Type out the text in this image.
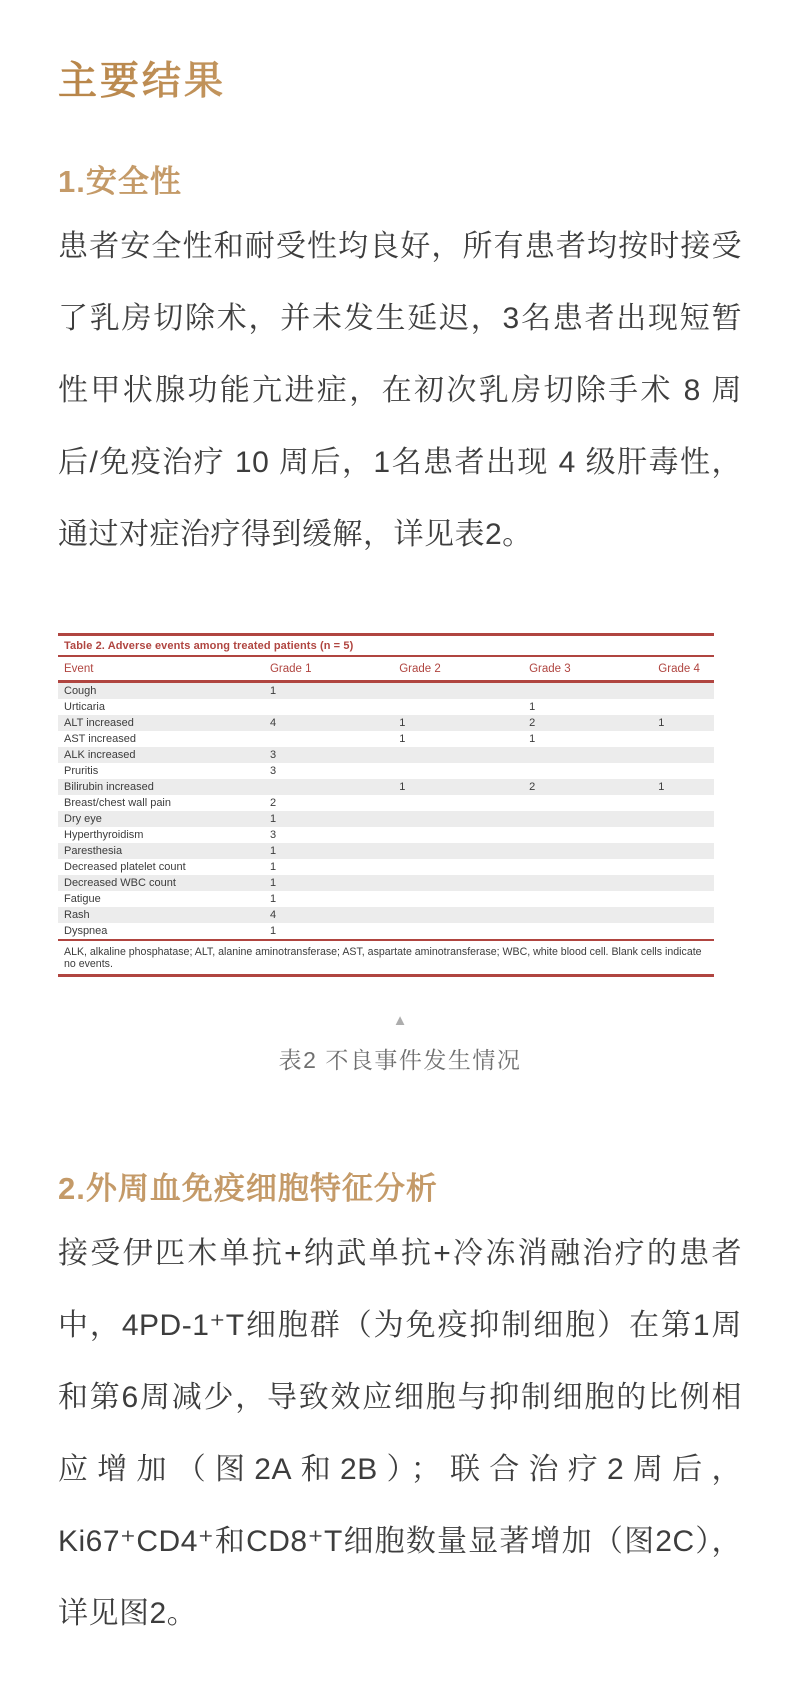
主要结果
1.安全性

患者安全性和耐受性均良好，所有患者均按时接受了乳房切除术，并未发生延迟，3名患者出现短暂性甲状腺功能亢进症，在初次乳房切除手术 8 周后/免疫治疗 10 周后，1名患者出现 4 级肝毒性，通过对症治疗得到缓解，详见表2。

Table 2. Adverse events among treated patients (n = 5)
Event	Grade 1	Grade 2	Grade 3	Grade 4
Cough	1			
Urticaria			1	
ALT increased	4	1	2	1
AST increased		1	1	
ALK increased	3			
Pruritis	3			
Bilirubin increased		1	2	1
Breast/chest wall pain	2			
Dry eye	1			
Hyperthyroidism	3			
Paresthesia	1			
Decreased platelet count	1			
Decreased WBC count	1			
Fatigue	1			
Rash	4			
Dyspnea	1			
ALK, alkaline phosphatase; ALT, alanine aminotransferase; AST, aspartate aminotransferase; WBC, white blood cell. Blank cells indicate no events.
▲
表2 不良事件发生情况
2.外周血免疫细胞特征分析

接受伊匹木单抗+纳武单抗+冷冻消融治疗的患者中，4PD-1⁺T细胞群（为免疫抑制细胞）在第1周和第6周减少，导致效应细胞与抑制细胞的比例相应增加（图2A和2B）；联合治疗2周后，Ki67⁺CD4⁺和CD8⁺T细胞数量显著增加（图2C），详见图2。
